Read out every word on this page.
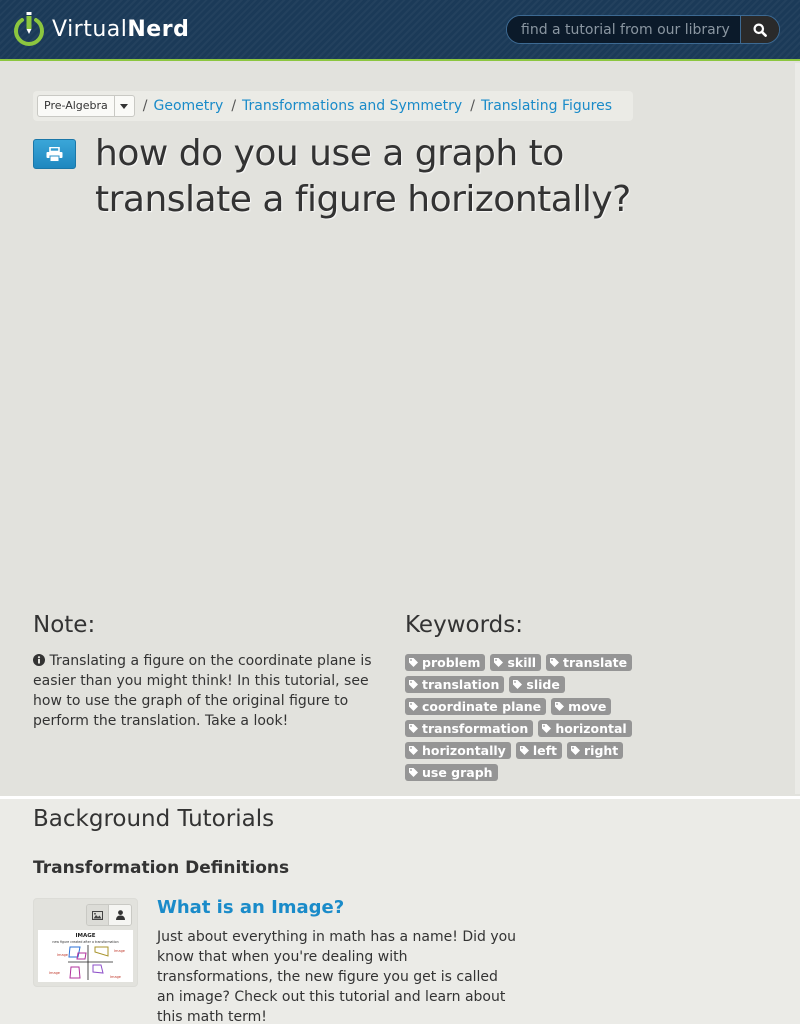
VirtualNerd
find a tutorial from our library
Pre-Algebra	/ Geometry / Transformations and Symmetry / Translating Figures
how do you use a graph to translate a figure horizontally?
Note:
Translating a figure on the coordinate plane is easier than you might think! In this tutorial, see how to use the graph of the original figure to perform the translation. Take a look!
Keywords:
problem skill translate
translation slide
coordinate plane move
transformation horizontal
horizontally left right
use graph
Background Tutorials
Transformation Definitions
IMAGE
new figure created after a transformation
Image
Image
Image
Image
What is an Image?

Just about everything in math has a name! Did you know that when you're dealing with transformations, the new figure you get is called an image? Check out this tutorial and learn about this math term!
